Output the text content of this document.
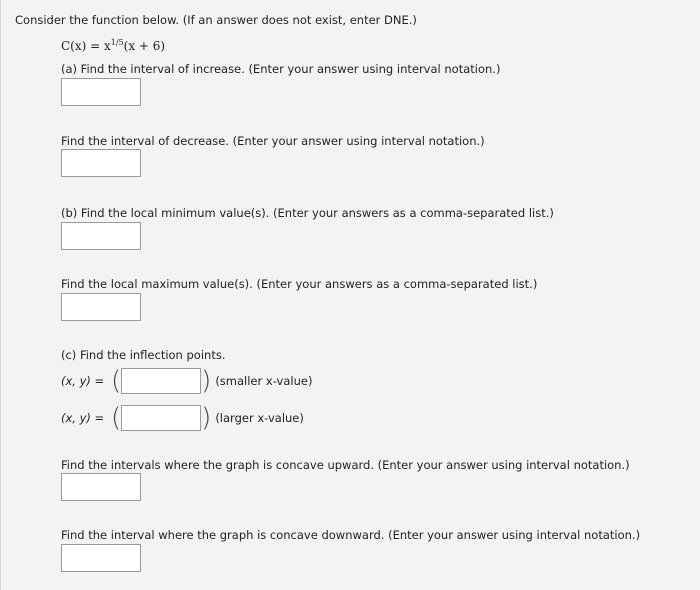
Consider the function below. (If an answer does not exist, enter DNE.)
$C(x) = x^{1/5}(x + 6)$
(a) Find the interval of increase. (Enter your answer using interval notation.)
Find the interval of decrease. (Enter your answer using interval notation.)
(b) Find the local minimum value(s). (Enter your answers as a comma-separated list.)
Find the local maximum value(s). (Enter your answers as a comma-separated list.)
(c) Find the inflection points.
(x, y) = (	) (smaller x-value)
(x, y) = (	) (larger x-value)
Find the intervals where the graph is concave upward. (Enter your answer using interval notation.)
Find the interval where the graph is concave downward. (Enter your answer using interval notation.)
